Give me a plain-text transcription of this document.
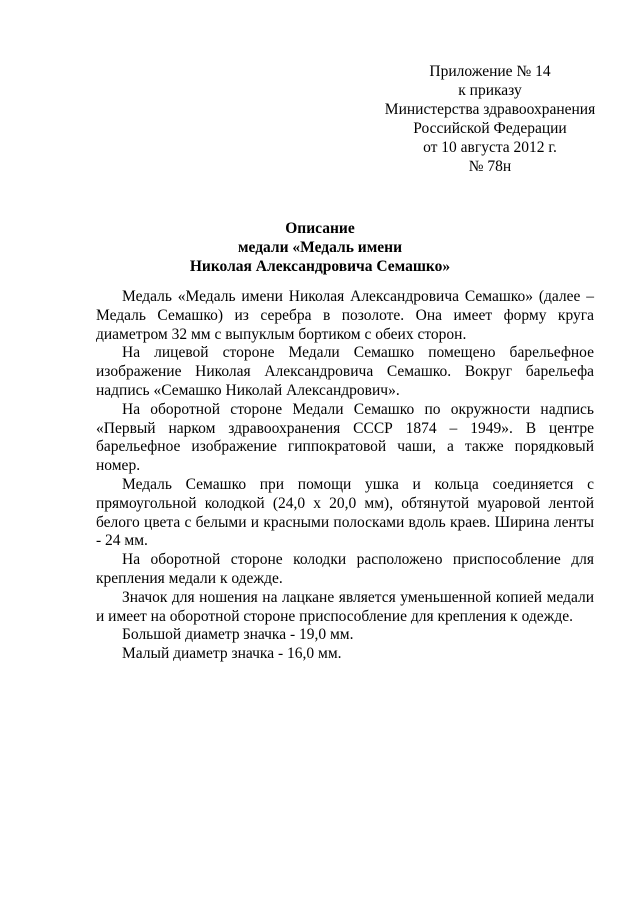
Приложение № 14
к приказу
Министерства здравоохранения
Российской Федерации
от 10 августа 2012 г.
№ 78н
Описание
медали «Медаль имени
Николая Александровича Семашко»

Медаль «Медаль имени Николая Александровича Семашко» (далее – Медаль Семашко) из серебра в позолоте. Она имеет форму круга диаметром 32 мм с выпуклым бортиком с обеих сторон.

На лицевой стороне Медали Семашко помещено барельефное изображение Николая Александровича Семашко. Вокруг барельефа надпись «Семашко Николай Александрович».

На оборотной стороне Медали Семашко по окружности надпись «Первый нарком здравоохранения СССР 1874 – 1949». В центре барельефное изображение гиппократовой чаши, а также порядковый номер.

Медаль Семашко при помощи ушка и кольца соединяется с прямоугольной колодкой (24,0 х 20,0 мм), обтянутой муаровой лентой белого цвета с белыми и красными полосками вдоль краев. Ширина ленты - 24 мм.

На оборотной стороне колодки расположено приспособление для крепления медали к одежде.

Значок для ношения на лацкане является уменьшенной копией медали и имеет на оборотной стороне приспособление для крепления к одежде.

Большой диаметр значка - 19,0 мм.

Малый диаметр значка - 16,0 мм.
